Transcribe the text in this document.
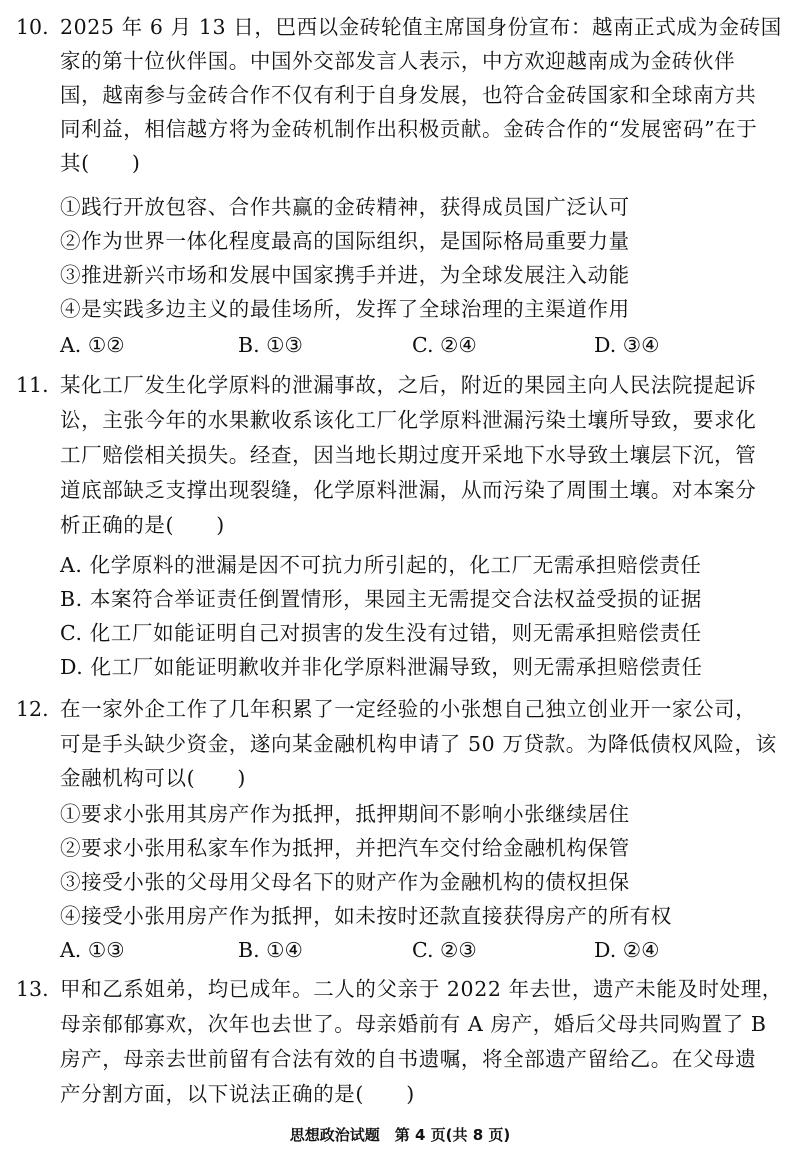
10. 2025 年 6 月 13 日，巴西以金砖轮值主席国身份宣布：越南正式成为金砖国
家的第十位伙伴国。中国外交部发言人表示，中方欢迎越南成为金砖伙伴
国，越南参与金砖合作不仅有利于自身发展，也符合金砖国家和全球南方共
同利益，相信越方将为金砖机制作出积极贡献。金砖合作的“发展密码”在于
其(　　)
①践行开放包容、合作共赢的金砖精神，获得成员国广泛认可
②作为世界一体化程度最高的国际组织，是国际格局重要力量
③推进新兴市场和发展中国家携手并进，为全球发展注入动能
④是实践多边主义的最佳场所，发挥了全球治理的主渠道作用
A. ①②	B. ①③	C. ②④	D. ③④
11. 某化工厂发生化学原料的泄漏事故，之后，附近的果园主向人民法院提起诉
讼，主张今年的水果歉收系该化工厂化学原料泄漏污染土壤所导致，要求化
工厂赔偿相关损失。经查，因当地长期过度开采地下水导致土壤层下沉，管
道底部缺乏支撑出现裂缝，化学原料泄漏，从而污染了周围土壤。对本案分
析正确的是(　　)
A. 化学原料的泄漏是因不可抗力所引起的，化工厂无需承担赔偿责任
B. 本案符合举证责任倒置情形，果园主无需提交合法权益受损的证据
C. 化工厂如能证明自己对损害的发生没有过错，则无需承担赔偿责任
D. 化工厂如能证明歉收并非化学原料泄漏导致，则无需承担赔偿责任
12. 在一家外企工作了几年积累了一定经验的小张想自己独立创业开一家公司，
可是手头缺少资金，遂向某金融机构申请了 50 万贷款。为降低债权风险，该
金融机构可以(　　)
①要求小张用其房产作为抵押，抵押期间不影响小张继续居住
②要求小张用私家车作为抵押，并把汽车交付给金融机构保管
③接受小张的父母用父母名下的财产作为金融机构的债权担保
④接受小张用房产作为抵押，如未按时还款直接获得房产的所有权
A. ①③	B. ①④	C. ②③	D. ②④
13. 甲和乙系姐弟，均已成年。二人的父亲于 2022 年去世，遗产未能及时处理，
母亲郁郁寡欢，次年也去世了。母亲婚前有 A 房产，婚后父母共同购置了 B
房产，母亲去世前留有合法有效的自书遗嘱，将全部遗产留给乙。在父母遗
产分割方面，以下说法正确的是(　　)
思想政治试题　第 4 页(共 8 页)
